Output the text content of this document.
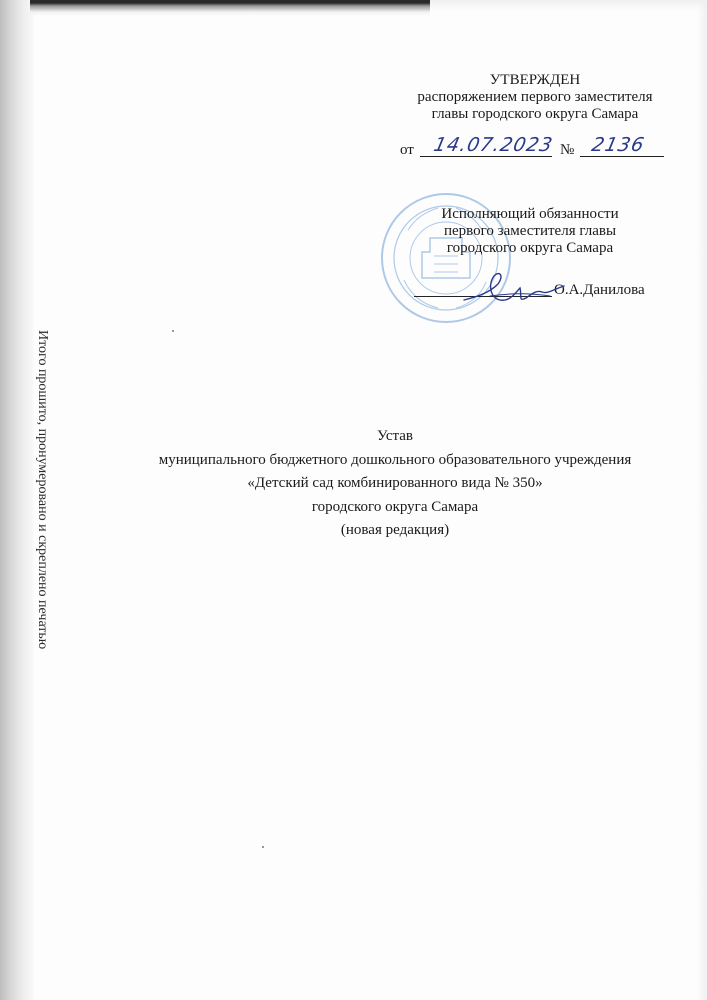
Итого прошито, пронумеровано и скреплено печатью
УТВЕРЖДЕН
распоряжением первого заместителя
главы городского округа Самара
от 14.07.2023 № 2136
Исполняющий обязанности
первого заместителя главы
городского округа Самара
О.А.Данилова
Устав
муниципального бюджетного дошкольного образовательного учреждения
«Детский сад комбинированного вида № 350»
городского округа Самара
(новая редакция)
